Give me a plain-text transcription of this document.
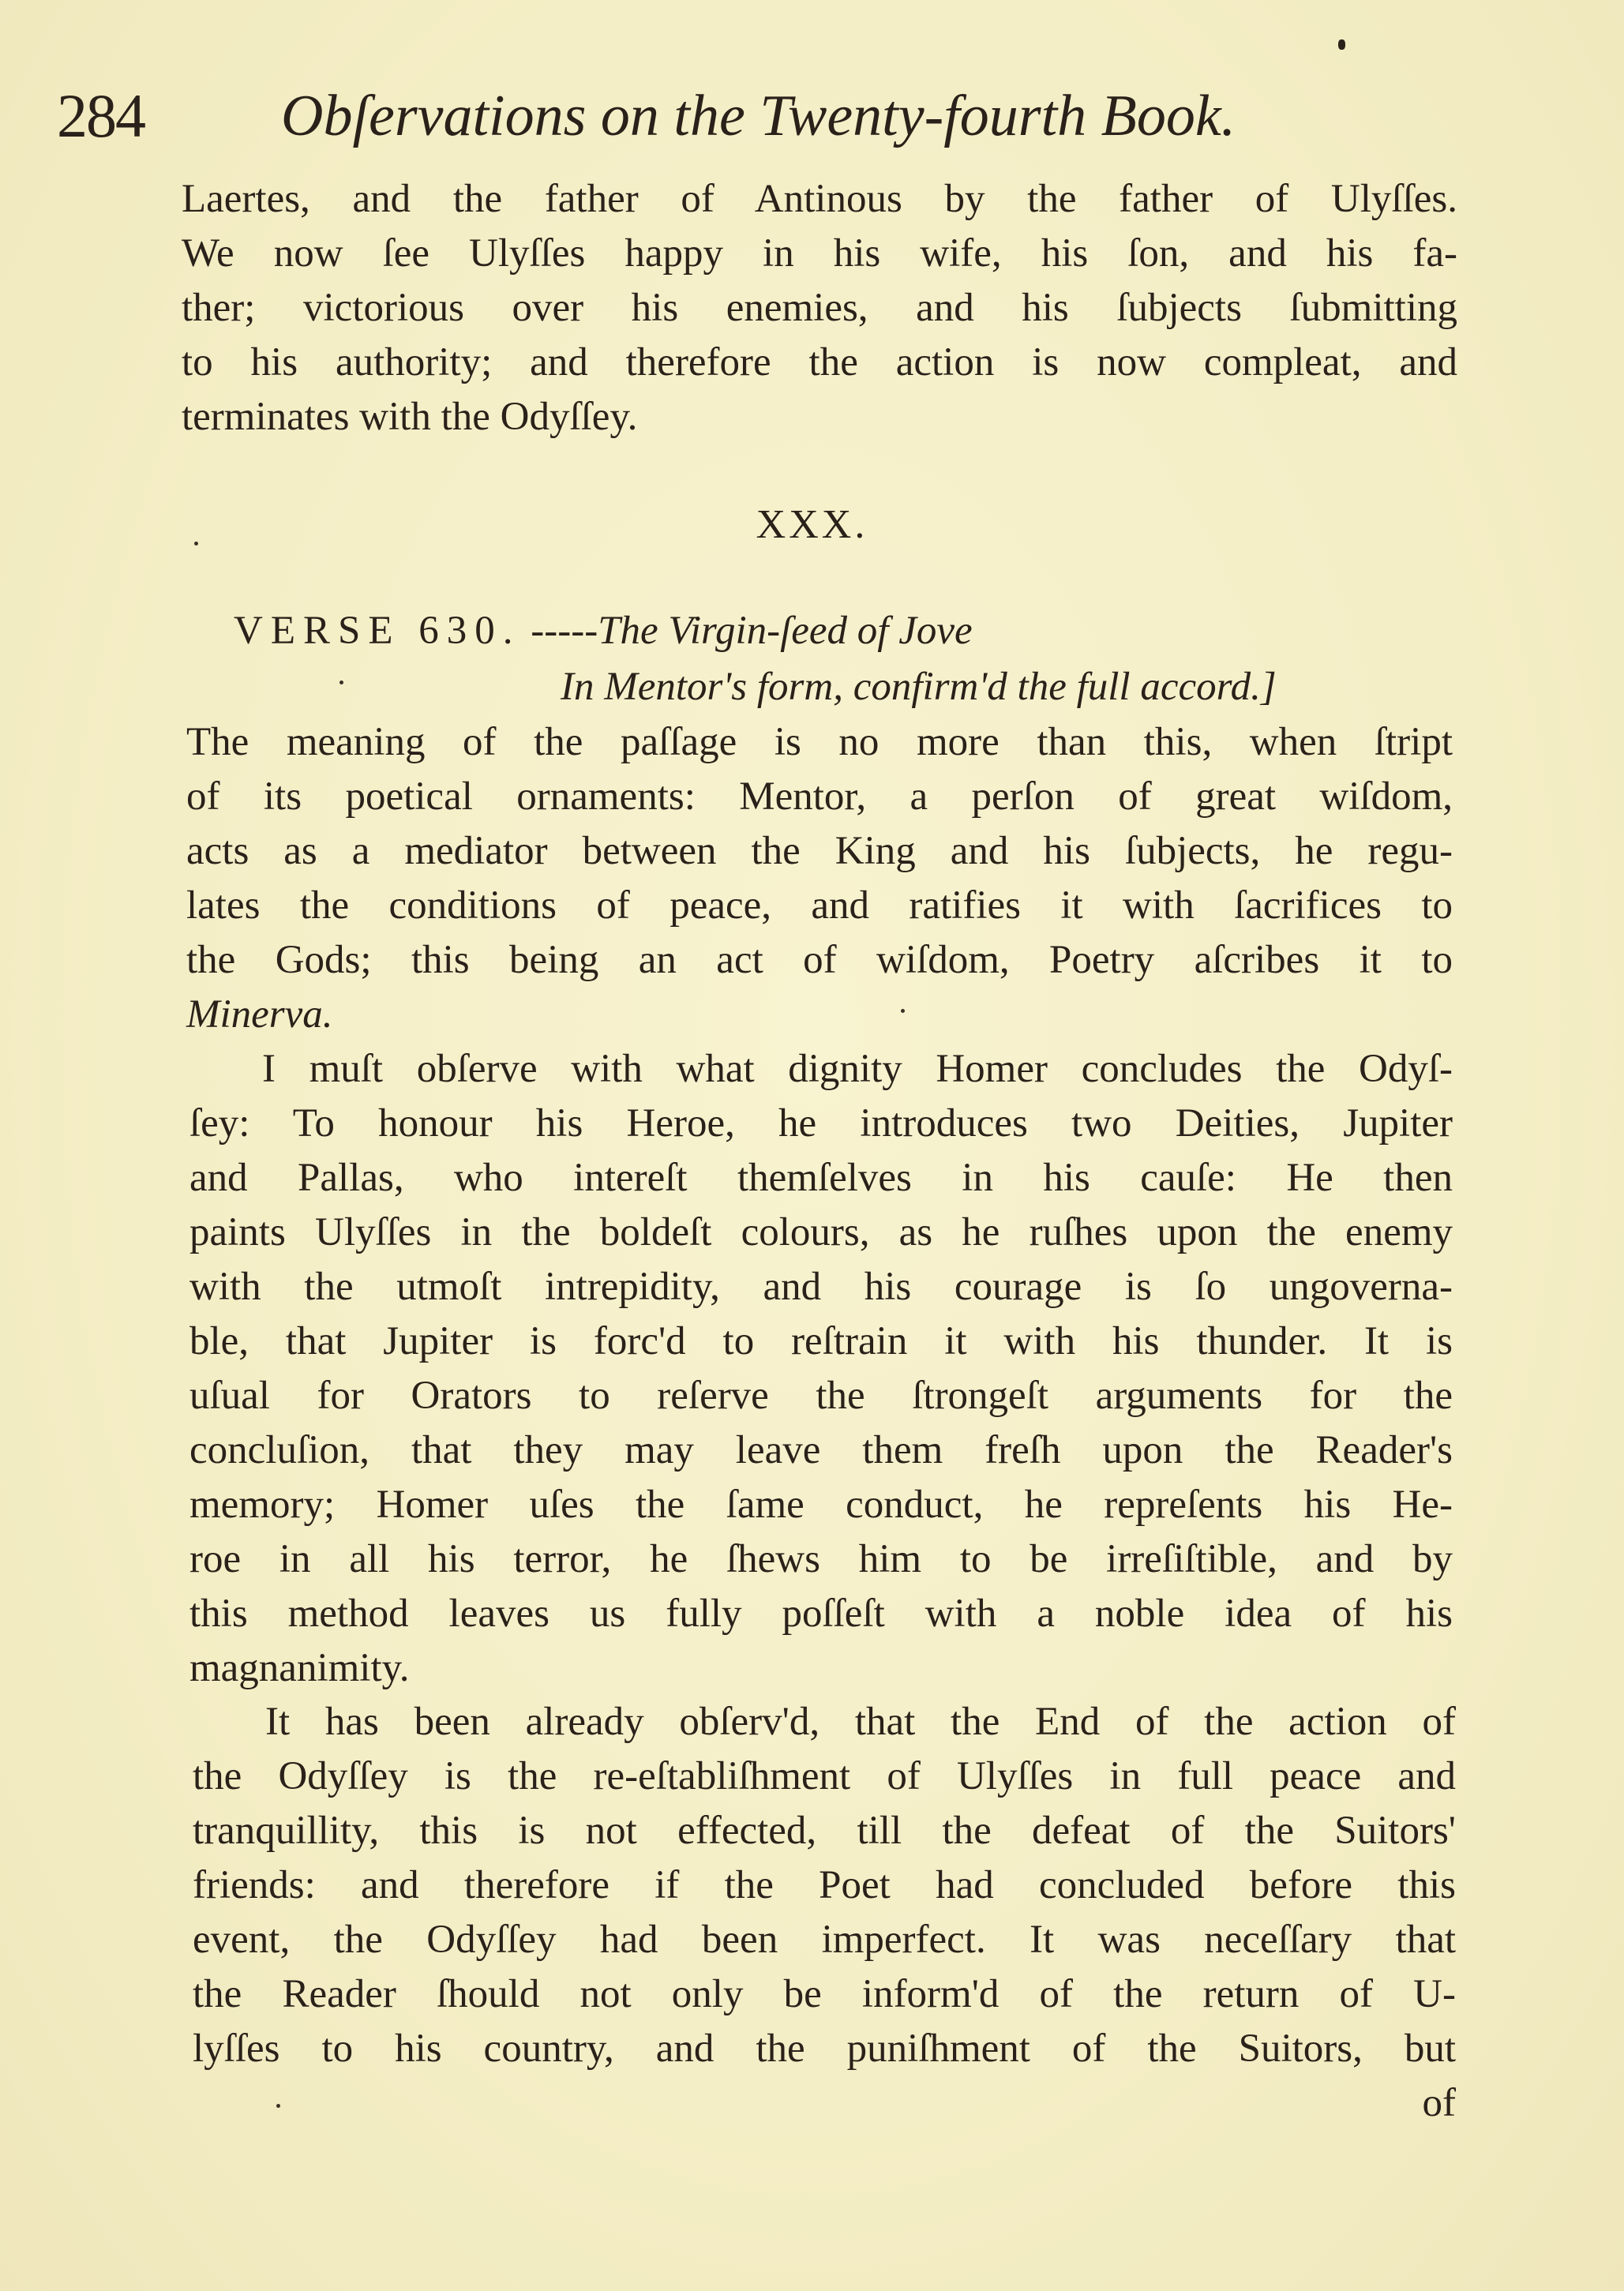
284 Obſervations on the Twenty-fourth Book.
Laertes, and the father of Antinous by the father of Ulyſſes.
We now ſee Ulyſſes happy in his wife, his ſon, and his fa-
ther; victorious over his enemies, and his ſubjects ſubmitting
to his authority; and therefore the action is now compleat, and
terminates with the Odyſſey.
XXX.
VERSE 630. -----The Virgin-ſeed of Jove
In Mentor's form, confirm'd the full accord.]
The meaning of the paſſage is no more than this, when ſtript
of its poetical ornaments: Mentor, a perſon of great wiſdom,
acts as a mediator between the King and his ſubjects, he regu-
lates the conditions of peace, and ratifies it with ſacrifices to
the Gods; this being an act of wiſdom, Poetry aſcribes it to
Minerva.
I muſt obſerve with what dignity Homer concludes the Odyſ-
ſey: To honour his Heroe, he introduces two Deities, Jupiter
and Pallas, who intereſt themſelves in his cauſe: He then
paints Ulyſſes in the boldeſt colours, as he ruſhes upon the enemy
with the utmoſt intrepidity, and his courage is ſo ungoverna-
ble, that Jupiter is forc'd to reſtrain it with his thunder. It is
uſual for Orators to reſerve the ſtrongeſt arguments for the
concluſion, that they may leave them freſh upon the Reader's
memory; Homer uſes the ſame conduct, he repreſents his He-
roe in all his terror, he ſhews him to be irreſiſtible, and by
this method leaves us fully poſſeſt with a noble idea of his
magnanimity.
It has been already obſerv'd, that the End of the action of
the Odyſſey is the re-eſtabliſhment of Ulyſſes in full peace and
tranquillity, this is not effected, till the defeat of the Suitors'
friends: and therefore if the Poet had concluded before this
event, the Odyſſey had been imperfect. It was neceſſary that
the Reader ſhould not only be inform'd of the return of U-
lyſſes to his country, and the puniſhment of the Suitors, but
of
